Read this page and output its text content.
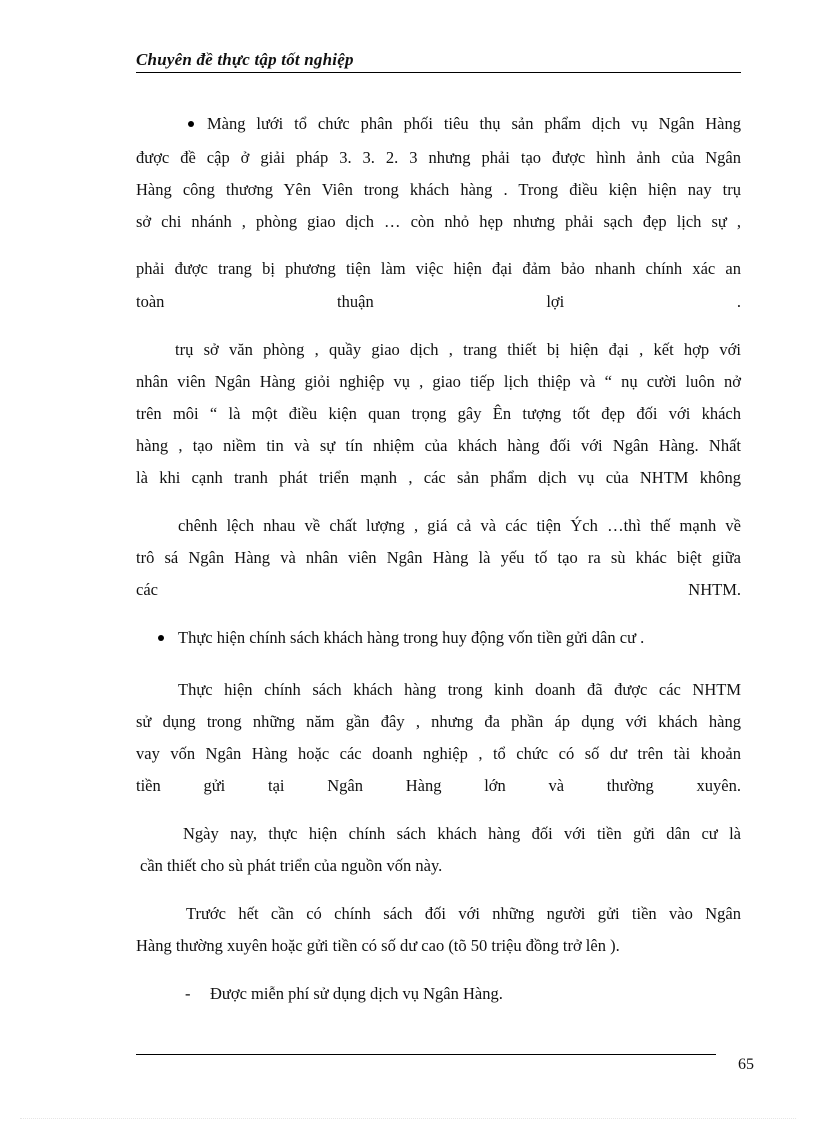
Chuyên đề thực tập tốt nghiệp
Màng lưới tổ chức phân phối tiêu thụ sản phẩm dịch vụ Ngân Hàng
được đề cập ở giải pháp 3. 3. 2. 3 nhưng phải tạo được hình ảnh của Ngân
Hàng công thương Yên Viên trong khách hàng . Trong điều kiện hiện nay trụ
sở chi nhánh , phòng giao dịch … còn nhỏ hẹp nhưng phải sạch đẹp lịch sự ,
phải được trang bị phương tiện làm việc hiện đại đảm bảo nhanh chính xác an
toàn thuận lợi .
trụ sở văn phòng , quầy giao dịch , trang thiết bị hiện đại , kết hợp với
nhân viên Ngân Hàng giỏi nghiệp vụ , giao tiếp lịch thiệp và “ nụ cười luôn nở
trên môi “ là một điều kiện quan trọng gây Ên tượng tốt đẹp đối với khách
hàng , tạo niềm tin và sự tín nhiệm của khách hàng đối với Ngân Hàng. Nhất
là khi cạnh tranh phát triển mạnh , các sản phẩm dịch vụ của NHTM không
chênh lệch nhau về chất lượng , giá cả và các tiện Ých …thì thế mạnh về
trô sá Ngân Hàng và nhân viên Ngân Hàng là yếu tố tạo ra sù khác biệt giữa
các NHTM.
Thực hiện chính sách khách hàng trong huy động vốn tiền gửi dân cư .
Thực hiện chính sách khách hàng trong kinh doanh đã được các NHTM
sử dụng trong những năm gần đây , nhưng đa phần áp dụng với khách hàng
vay vốn Ngân Hàng hoặc các doanh nghiệp , tổ chức có số dư trên tài khoản
tiền gửi tại Ngân Hàng lớn và thường xuyên.
Ngày nay, thực hiện chính sách khách hàng đối với tiền gửi dân cư là
cần thiết cho sù phát triển của nguồn vốn này.
Trước hết cần có chính sách đối với những người gửi tiền vào Ngân
Hàng thường xuyên hoặc gửi tiền có số dư cao (tõ 50 triệu đồng trở lên ).
- Được miễn phí sử dụng dịch vụ Ngân Hàng.
65
